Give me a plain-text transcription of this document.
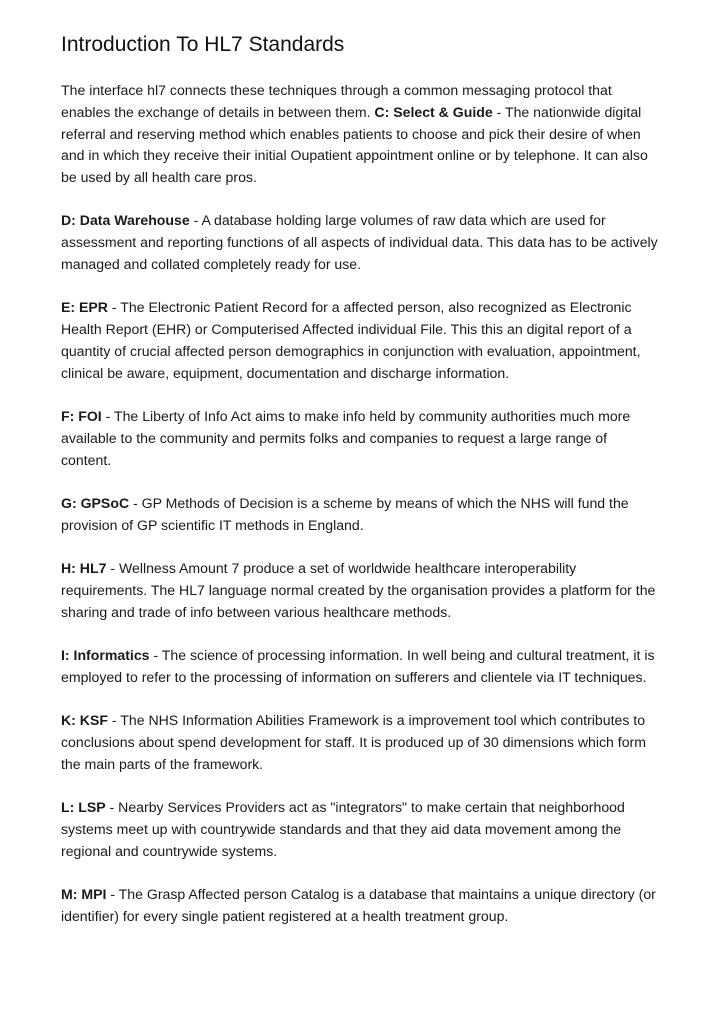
Introduction To HL7 Standards

The interface hl7 connects these techniques through a common messaging protocol that enables the exchange of details in between them. C: Select & Guide - The nationwide digital referral and reserving method which enables patients to choose and pick their desire of when and in which they receive their initial Oupatient appointment online or by telephone. It can also be used by all health care pros.

D: Data Warehouse - A database holding large volumes of raw data which are used for assessment and reporting functions of all aspects of individual data. This data has to be actively managed and collated completely ready for use.

E: EPR - The Electronic Patient Record for a affected person, also recognized as Electronic Health Report (EHR) or Computerised Affected individual File. This this an digital report of a quantity of crucial affected person demographics in conjunction with evaluation, appointment, clinical be aware, equipment, documentation and discharge information.

F: FOI - The Liberty of Info Act aims to make info held by community authorities much more available to the community and permits folks and companies to request a large range of content.

G: GPSoC - GP Methods of Decision is a scheme by means of which the NHS will fund the provision of GP scientific IT methods in England.

H: HL7 - Wellness Amount 7 produce a set of worldwide healthcare interoperability requirements. The HL7 language normal created by the organisation provides a platform for the sharing and trade of info between various healthcare methods.

I: Informatics - The science of processing information. In well being and cultural treatment, it is employed to refer to the processing of information on sufferers and clientele via IT techniques.

K: KSF - The NHS Information Abilities Framework is a improvement tool which contributes to conclusions about spend development for staff. It is produced up of 30 dimensions which form the main parts of the framework.

L: LSP - Nearby Services Providers act as "integrators" to make certain that neighborhood systems meet up with countrywide standards and that they aid data movement among the regional and countrywide systems.

M: MPI - The Grasp Affected person Catalog is a database that maintains a unique directory (or identifier) for every single patient registered at a health treatment group.
